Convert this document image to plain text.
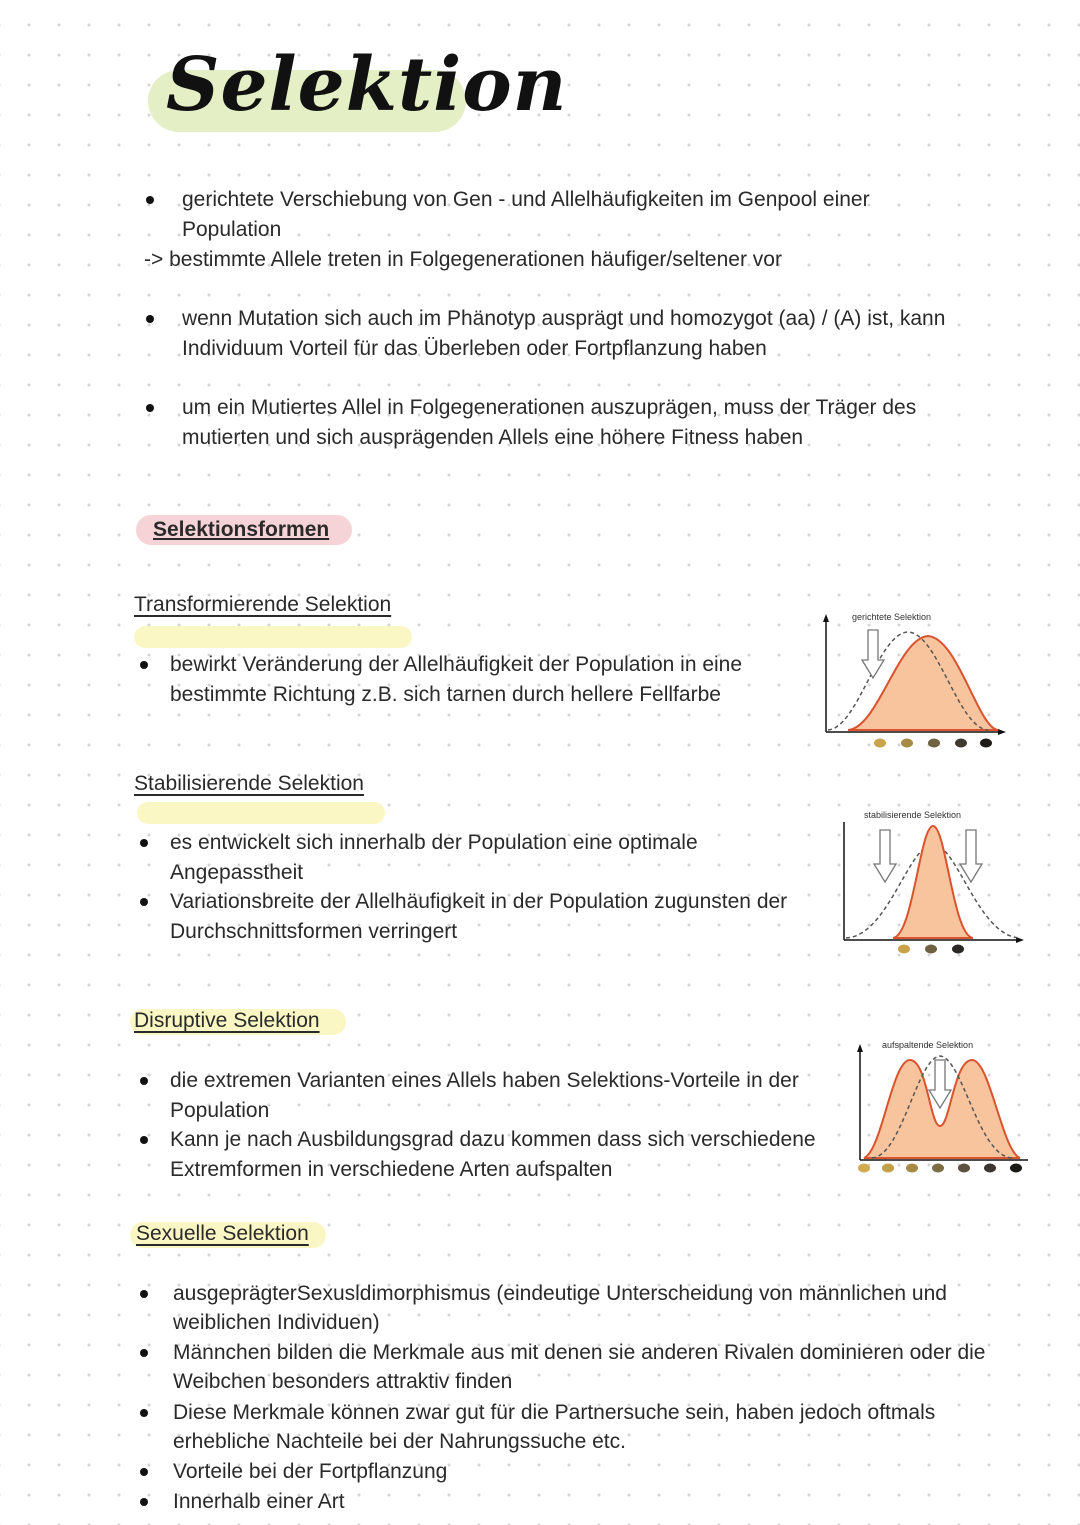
Selektion
gerichtete Verschiebung von Gen - und Allelhäufigkeiten im Genpool einer
Population
-> bestimmte Allele treten in Folgegenerationen häufiger/seltener vor
wenn Mutation sich auch im Phänotyp ausprägt und homozygot (aa) / (A) ist, kann
Individuum Vorteil für das Überleben oder Fortpflanzung haben
um ein Mutiertes Allel in Folgegenerationen auszuprägen, muss der Träger des
mutierten und sich ausprägenden Allels eine höhere Fitness haben
Selektionsformen
Transformierende Selektion
bewirkt Veränderung der Allelhäufigkeit der Population in eine
bestimmte Richtung z.B. sich tarnen durch hellere Fellfarbe
gerichtete Selektion
Stabilisierende Selektion
es entwickelt sich innerhalb der Population eine optimale
Angepasstheit
Variationsbreite der Allelhäufigkeit in der Population zugunsten der
Durchschnittsformen verringert
stabilisierende Selektion
Disruptive Selektion
die extremen Varianten eines Allels haben Selektions-Vorteile in der
Population
Kann je nach Ausbildungsgrad dazu kommen dass sich verschiedene
Extremformen in verschiedene Arten aufspalten
aufspaltende Selektion
Sexuelle Selektion
ausgeprägterSexusldimorphismus (eindeutige Unterscheidung von männlichen und
weiblichen Individuen)
Männchen bilden die Merkmale aus mit denen sie anderen Rivalen dominieren oder die
Weibchen besonders attraktiv finden
Diese Merkmale können zwar gut für die Partnersuche sein, haben jedoch oftmals
erhebliche Nachteile bei der Nahrungssuche etc.
Vorteile bei der Fortpflanzung
Innerhalb einer Art
